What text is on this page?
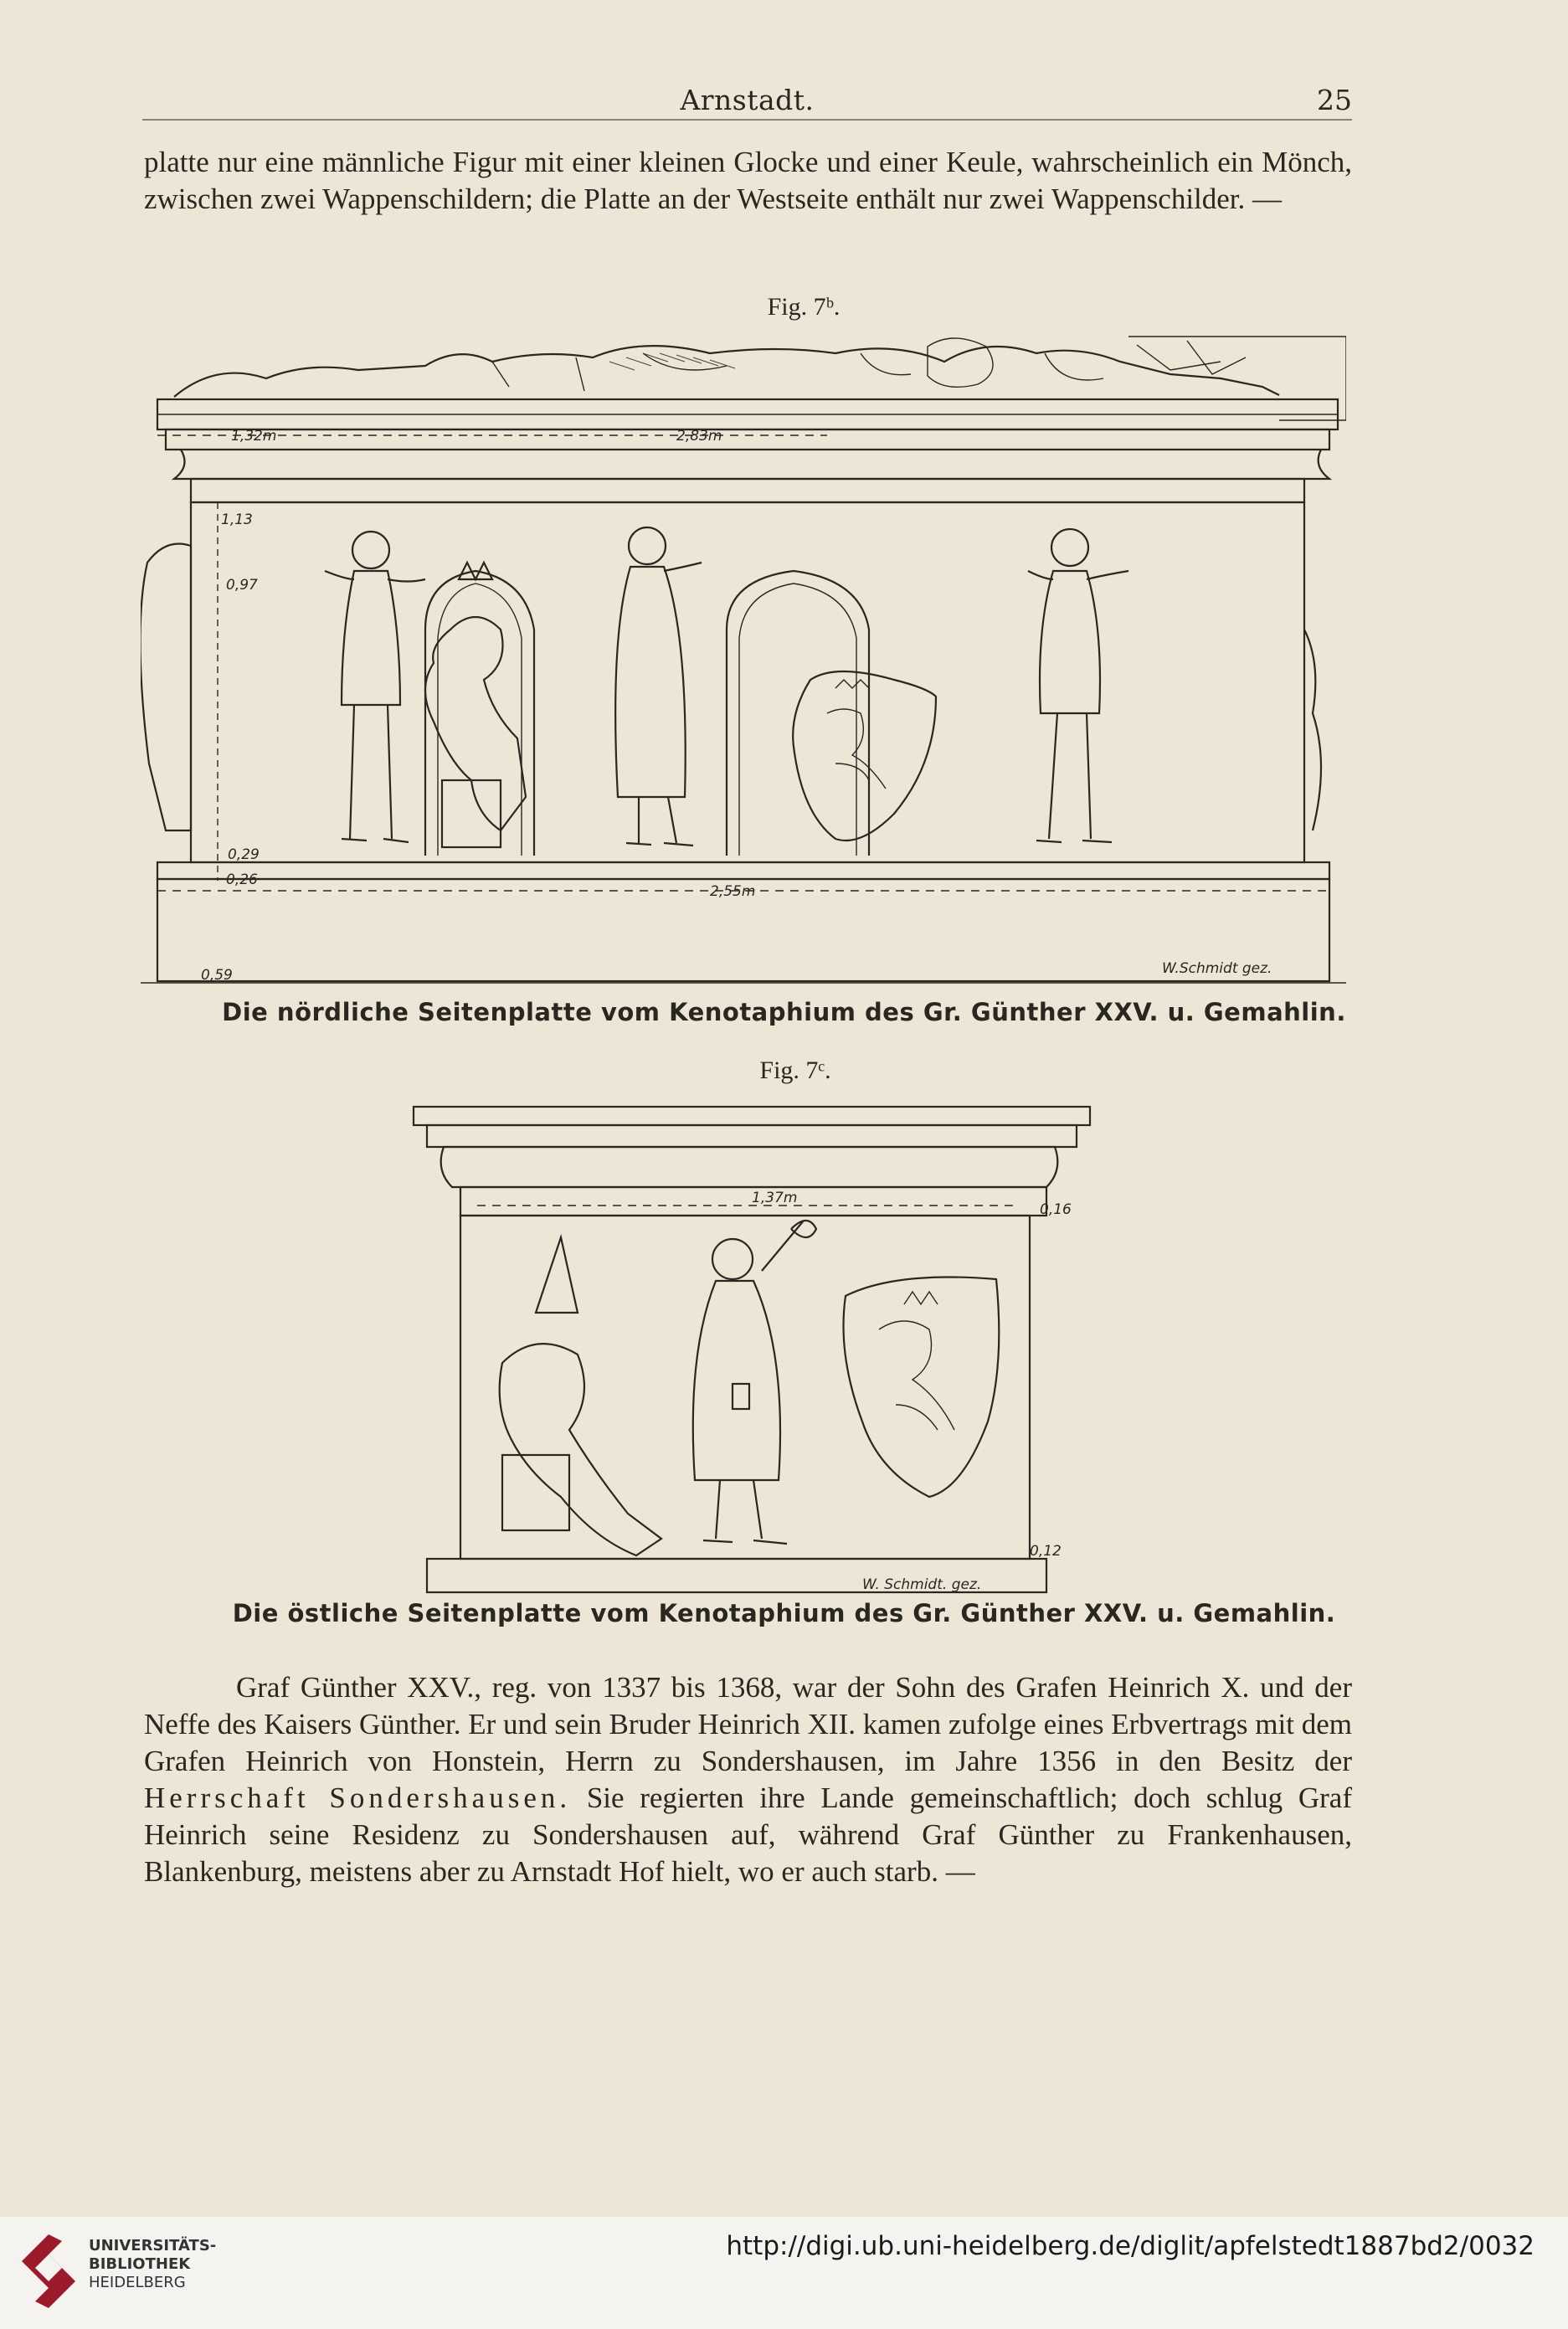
Arnstadt.	25
platte nur eine männliche Figur mit einer kleinen Glocke und einer Keule, wahrscheinlich ein Mönch, zwischen zwei Wappenschildern; die Platte an der Westseite enthält nur zwei Wappenschilder. —
Fig. 7ᵇ.
1,32m	2,83m
1,13
0,97
0,29
0,26
2,55m
0,59	W.Schmidt gez.
Die nördliche Seitenplatte vom Kenotaphium des Gr. Günther XXV. u. Gemahlin.
Fig. 7ᶜ.
1,37m
0,16
0,12
W. Schmidt. gez.
Die östliche Seitenplatte vom Kenotaphium des Gr. Günther XXV. u. Gemahlin.
Graf Günther XXV., reg. von 1337 bis 1368, war der Sohn des Grafen Heinrich X. und der Neffe des Kaisers Günther. Er und sein Bruder Heinrich XII. kamen zufolge eines Erbvertrags mit dem Grafen Heinrich von Honstein, Herrn zu Sondershausen, im Jahre 1356 in den Besitz der Herrschaft Sondershausen. Sie regierten ihre Lande gemeinschaftlich; doch schlug Graf Heinrich seine Residenz zu Sondershausen auf, während Graf Günther zu Frankenhausen, Blankenburg, meistens aber zu Arnstadt Hof hielt, wo er auch starb. —
UNIVERSITÄTS-
BIBLIOTHEK
HEIDELBERG
http://digi.ub.uni-heidelberg.de/diglit/apfelstedt1887bd2/0032
